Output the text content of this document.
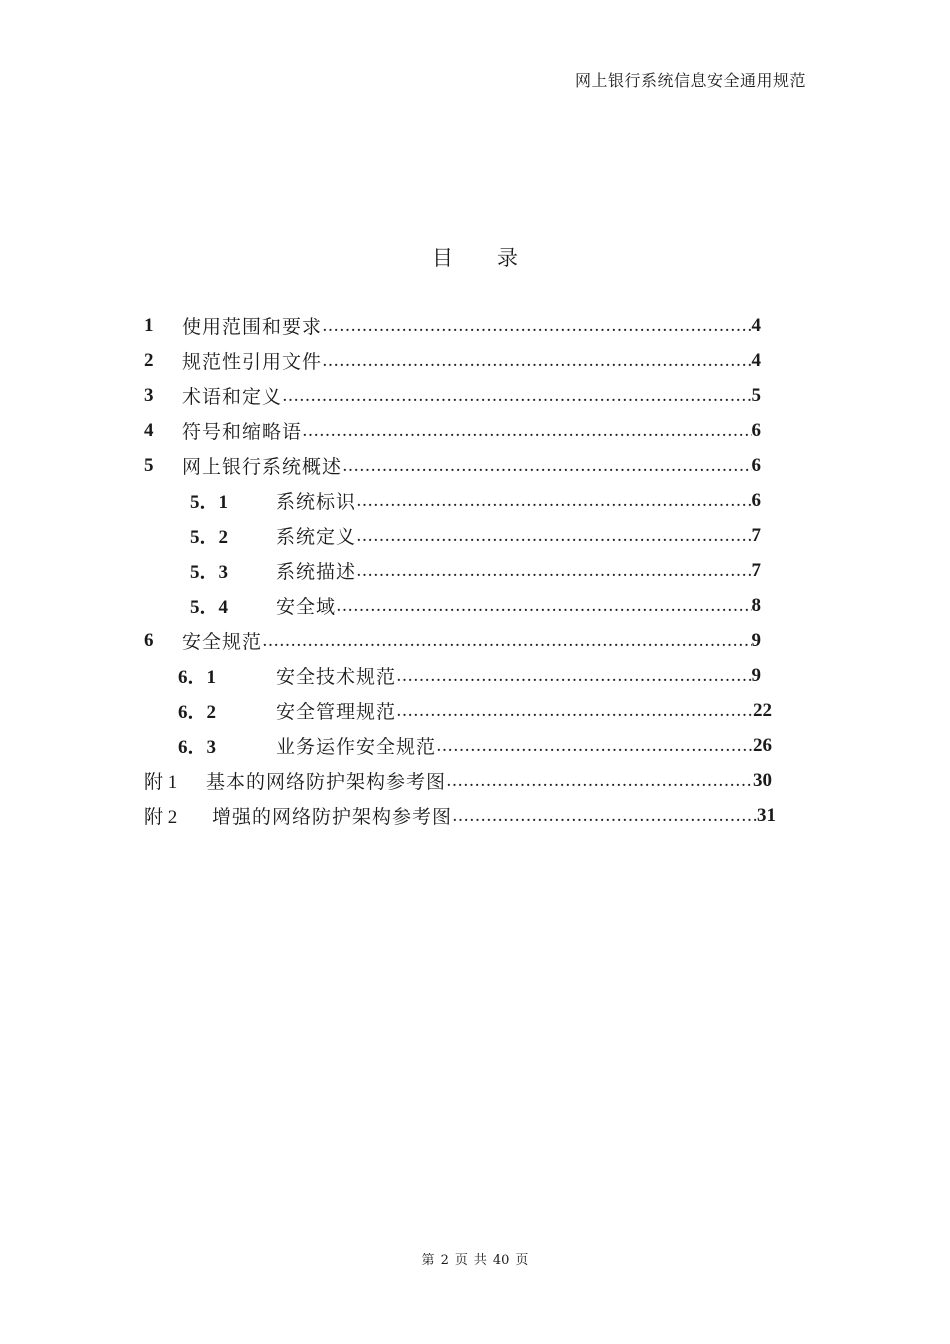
网上银行系统信息安全通用规范
目 录
1	使用范围和要求 ………………………………………………………………………………………………………………………………	4
2	规范性引用文件 ………………………………………………………………………………………………………………………………	4
3	术语和定义 ………………………………………………………………………………………………………………………………	5
4	符号和缩略语 ………………………………………………………………………………………………………………………………	6
5	网上银行系统概述 ………………………………………………………………………………………………………………………………	6
5．1	系统标识 ………………………………………………………………………………………………………………………………	6
5．2	系统定义 ………………………………………………………………………………………………………………………………	7
5．3	系统描述 ………………………………………………………………………………………………………………………………	7
5．4	安全域 ………………………………………………………………………………………………………………………………	8
6	安全规范 ………………………………………………………………………………………………………………………………	9
6．1	安全技术规范 ………………………………………………………………………………………………………………………………	9
6．2	安全管理规范 ………………………………………………………………………………………………………………………………	22
6．3	业务运作安全规范 ………………………………………………………………………………………………………………………………	26
附 1	基本的网络防护架构参考图 ………………………………………………………………………………………………………………………………	30
附 2	增强的网络防护架构参考图 ………………………………………………………………………………………………………………………………	31
第 2 页 共 40 页
